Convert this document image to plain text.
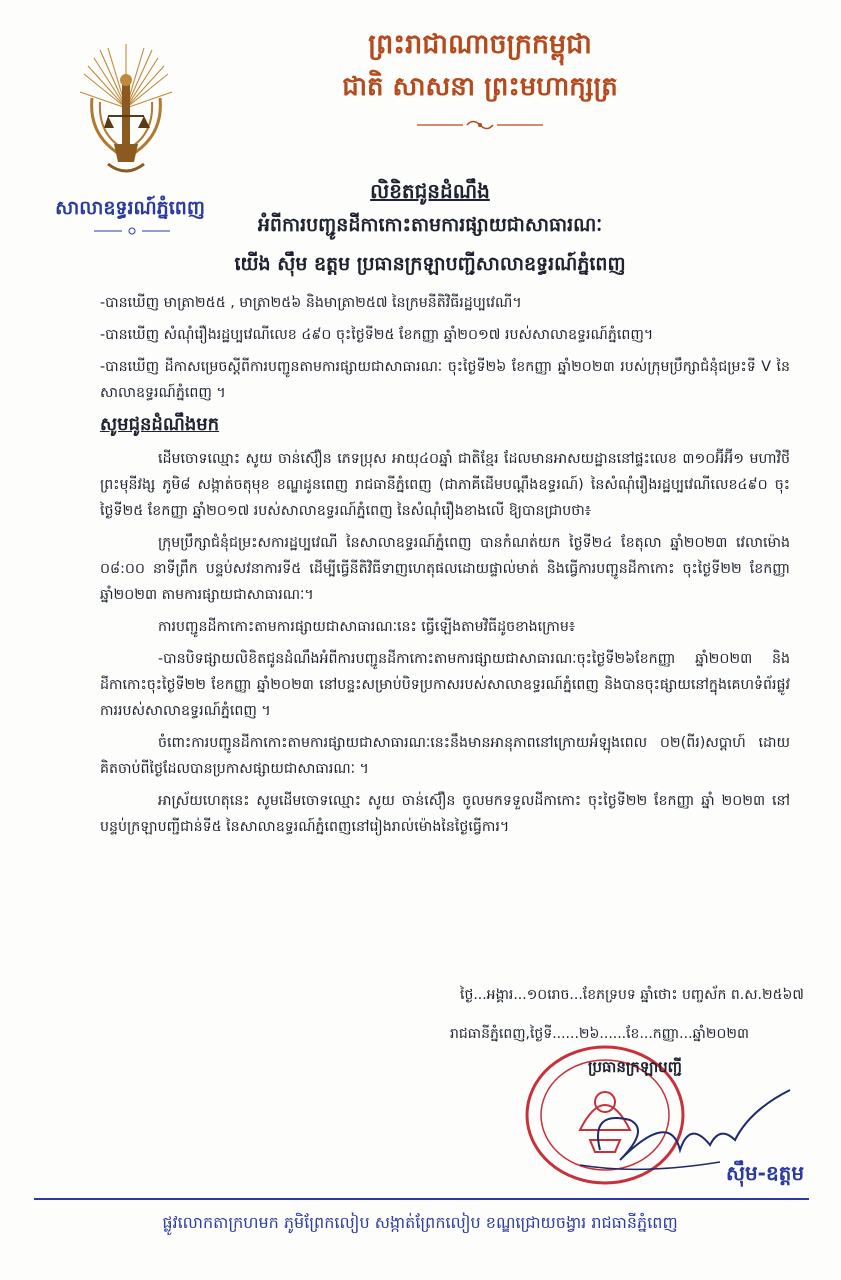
សាលាឧទ្ធរណ៍ភ្នំពេញ
ព្រះរាជាណាចក្រកម្ពុជា
ជាតិ សាសនា ព្រះមហាក្សត្រ
លិខិតជូនដំណឹង
អំពីការបញ្ជូនដីកាកោះតាមការផ្សាយជាសាធារណៈ
យើង ស៊ឹម ឧត្តម ប្រធានក្រឡាបញ្ជីសាលាឧទ្ធរណ៍ភ្នំពេញ

-បានឃើញ មាត្រា២៥៥ , មាត្រា២៥៦ និងមាត្រា២៥៧ នៃក្រមនីតិវិធីរដ្ឋប្បវេណី។

-បានឃើញ សំណុំរឿងរដ្ឋប្បវេណីលេខ ៤៩០ ចុះថ្ងៃទី២៥ ខែកញ្ញា ឆ្នាំ២០១៧ របស់សាលាឧទ្ធរណ៍ភ្នំពេញ។

-បានឃើញ ដីកាសម្រេចស្តីពីការបញ្ជូនតាមការផ្សាយជាសាធារណៈ ចុះថ្ងៃទី២៦ ខែកញ្ញា ឆ្នាំ២០២៣ របស់ក្រុមប្រឹក្សាជំនុំជម្រះទី V នៃសាលាឧទ្ធរណ៍ភ្នំពេញ ។

សូមជូនដំណឹងមក

ដើមចោទឈ្មោះ សូយ ចាន់ស៊ឿន ភេទប្រុស អាយុ៤០ឆ្នាំ ជាតិខ្មែរ ដែលមានអាសយដ្ឋាននៅផ្ទះលេខ ៣១០អ៊ីអ៊ី១ មហាវិថីព្រះមុនីវង្ស ភូមិ៨ សង្កាត់ចតុមុខ ខណ្ឌដូនពេញ រាជធានីភ្នំពេញ (ជាភាគីដើមបណ្តឹងឧទ្ធរណ៍) នៃសំណុំរឿងរដ្ឋប្បវេណីលេខ៤៩០ ចុះថ្ងៃទី២៥ ខែកញ្ញា ឆ្នាំ២០១៧ របស់សាលាឧទ្ធរណ៍ភ្នំពេញ នៃសំណុំរឿងខាងលើ ឱ្យបានជ្រាបថា៖

ក្រុមប្រឹក្សាជំនុំជម្រះសការដ្ឋប្បវេណី នៃសាលាឧទ្ធរណ៍ភ្នំពេញ បានកំណត់យក ថ្ងៃទី២៤ ខែតុលា ឆ្នាំ២០២៣ វេលាម៉ោង ០៨:០០ នាទីព្រឹក បន្ទប់សវនាការទី៥ ដើម្បីធ្វើនីតិវិធីទាញហេតុផលដោយផ្ទាល់មាត់ និងធ្វើការបញ្ជូនដីកាកោះ ចុះថ្ងៃទី២២ ខែកញ្ញា ឆ្នាំ២០២៣ តាមការផ្សាយជាសាធារណៈ។

ការបញ្ជូនដីកាកោះតាមការផ្សាយជាសាធារណៈនេះ ធ្វើឡើងតាមវិធីដូចខាងក្រោម៖

-បានបិទផ្សាយលិខិតជូនដំណឹងអំពីការបញ្ជូនដីកាកោះតាមការផ្សាយជាសាធារណៈចុះថ្ងៃទី២៦ខែកញ្ញា ឆ្នាំ២០២៣ និងដីកាកោះចុះថ្ងៃទី២២ ខែកញ្ញា ឆ្នាំ២០២៣ នៅបន្ទះសម្រាប់បិទប្រកាសរបស់សាលាឧទ្ធរណ៍ភ្នំពេញ និងបានចុះផ្សាយនៅក្នុងគេហទំព័រផ្លូវការរបស់សាលាឧទ្ធរណ៍ភ្នំពេញ ។

ចំពោះការបញ្ជូនដីកាកោះតាមការផ្សាយជាសាធារណៈនេះនឹងមានអានុភាពនៅក្រោយអំឡុងពេល ០២(ពីរ)សប្តាហ៍ ដោយគិតចាប់ពីថ្ងៃដែលបានប្រកាសផ្សាយជាសាធារណៈ ។

អាស្រ័យហេតុនេះ សូមដើមចោទឈ្មោះ សូយ ចាន់ស៊ឿន ចូលមកទទួលដីកាកោះ ចុះថ្ងៃទី២២ ខែកញ្ញា ឆ្នាំ ២០២៣ នៅបន្ទប់ក្រឡាបញ្ជីជាន់ទី៥ នៃសាលាឧទ្ធរណ៍ភ្នំពេញនៅរៀងរាល់ម៉ោងនៃថ្ងៃធ្វើការ។

ថ្ងៃ...អង្គារ...១០រោច...ខែភទ្របទ ឆ្នាំថោះ បញ្ចស័ក ព.ស.២៥៦៧
រាជធានីភ្នំពេញ,ថ្ងៃទី......២៦......ខែ...កញ្ញា...ឆ្នាំ២០២៣
ប្រធានក្រឡាបញ្ជី
ស៊ឹម-ឧត្តម
ផ្លូវលោកតាក្រហមក ភូមិព្រែកលៀប សង្កាត់ព្រែកលៀប ខណ្ឌជ្រោយចង្វារ រាជធានីភ្នំពេញ
